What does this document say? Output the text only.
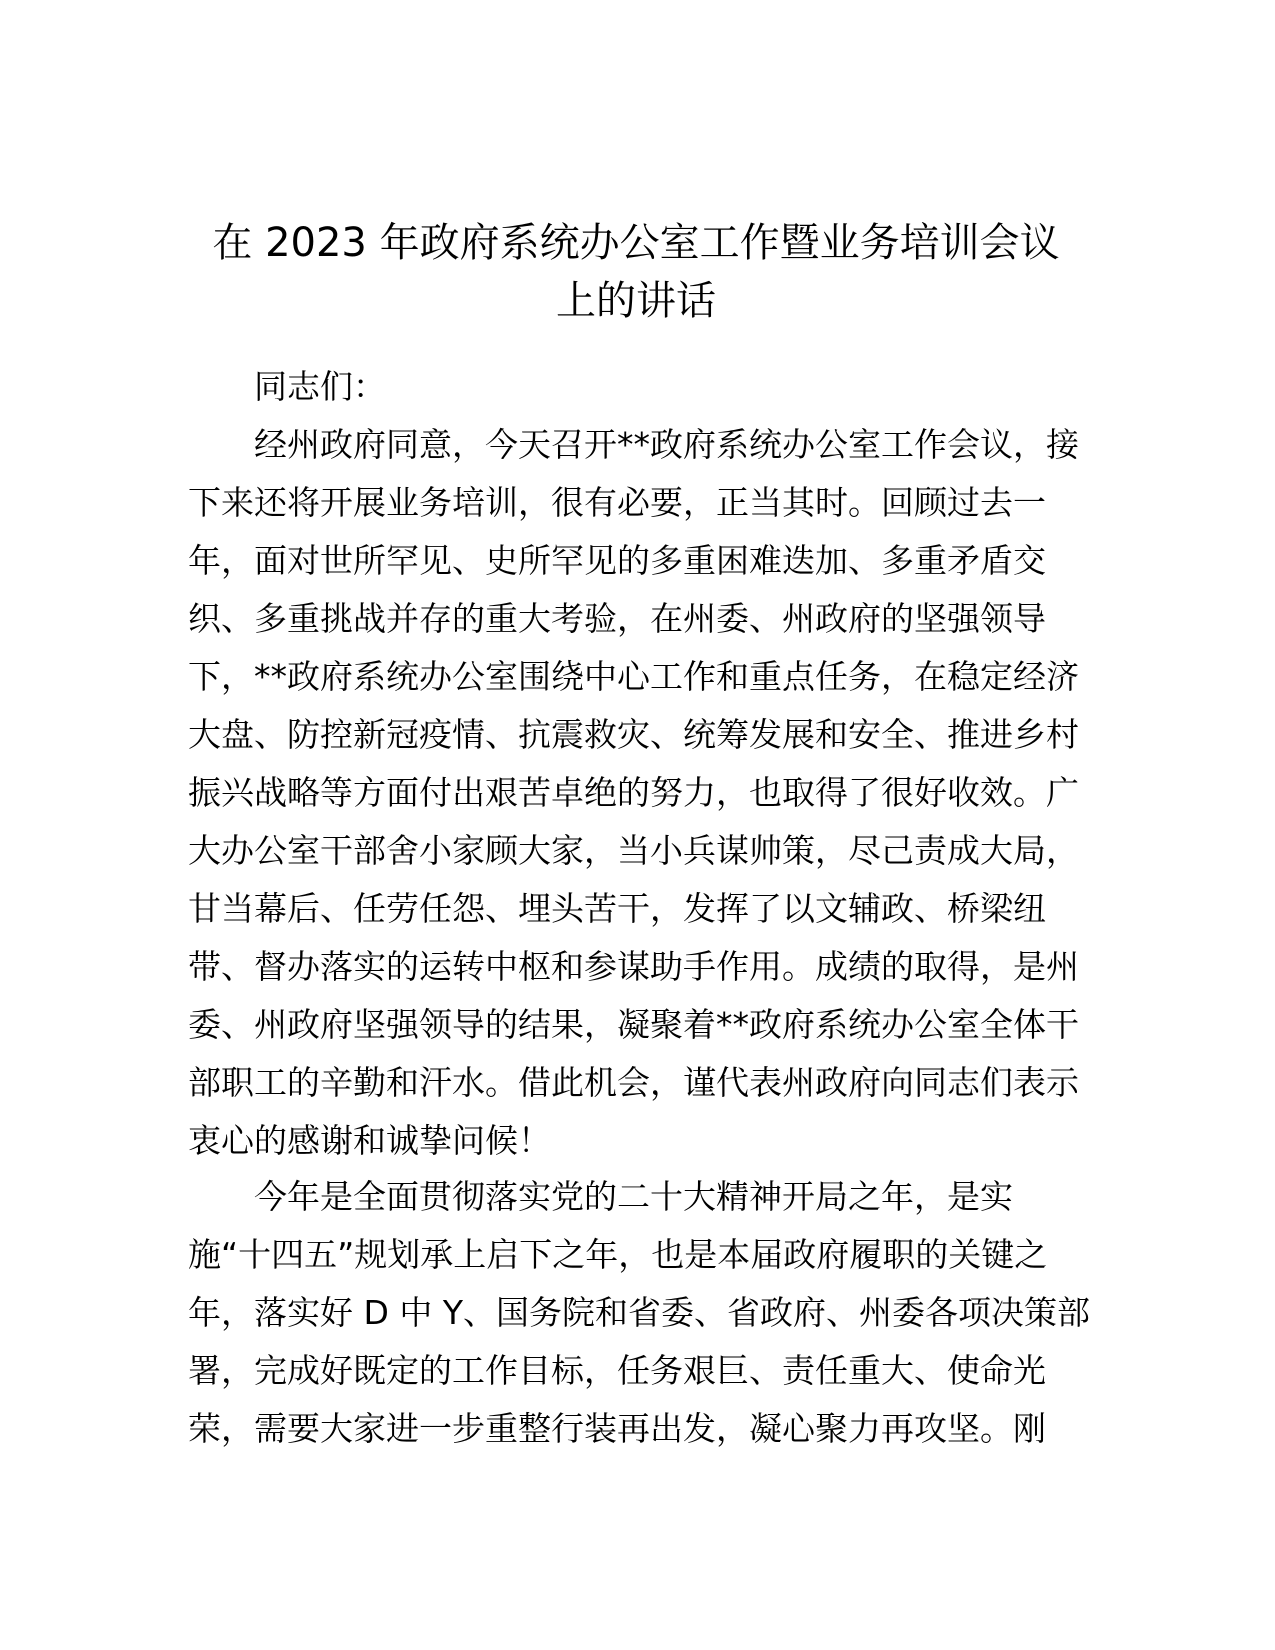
在 2023 年政府系统办公室工作暨业务培训会议
上的讲话
同志们：
经州政府同意，今天召开**政府系统办公室工作会议，接
下来还将开展业务培训，很有必要，正当其时。回顾过去一
年，面对世所罕见、史所罕见的多重困难迭加、多重矛盾交
织、多重挑战并存的重大考验，在州委、州政府的坚强领导
下，**政府系统办公室围绕中心工作和重点任务，在稳定经济
大盘、防控新冠疫情、抗震救灾、统筹发展和安全、推进乡村
振兴战略等方面付出艰苦卓绝的努力，也取得了很好收效。广
大办公室干部舍小家顾大家，当小兵谋帅策，尽己责成大局，
甘当幕后、任劳任怨、埋头苦干，发挥了以文辅政、桥梁纽
带、督办落实的运转中枢和参谋助手作用。成绩的取得，是州
委、州政府坚强领导的结果，凝聚着**政府系统办公室全体干
部职工的辛勤和汗水。借此机会，谨代表州政府向同志们表示
衷心的感谢和诚挚问候！
今年是全面贯彻落实党的二十大精神开局之年，是实
施“十四五”规划承上启下之年，也是本届政府履职的关键之
年，落实好 D 中 Y、国务院和省委、省政府、州委各项决策部
署，完成好既定的工作目标，任务艰巨、责任重大、使命光
荣，需要大家进一步重整行装再出发，凝心聚力再攻坚。刚
